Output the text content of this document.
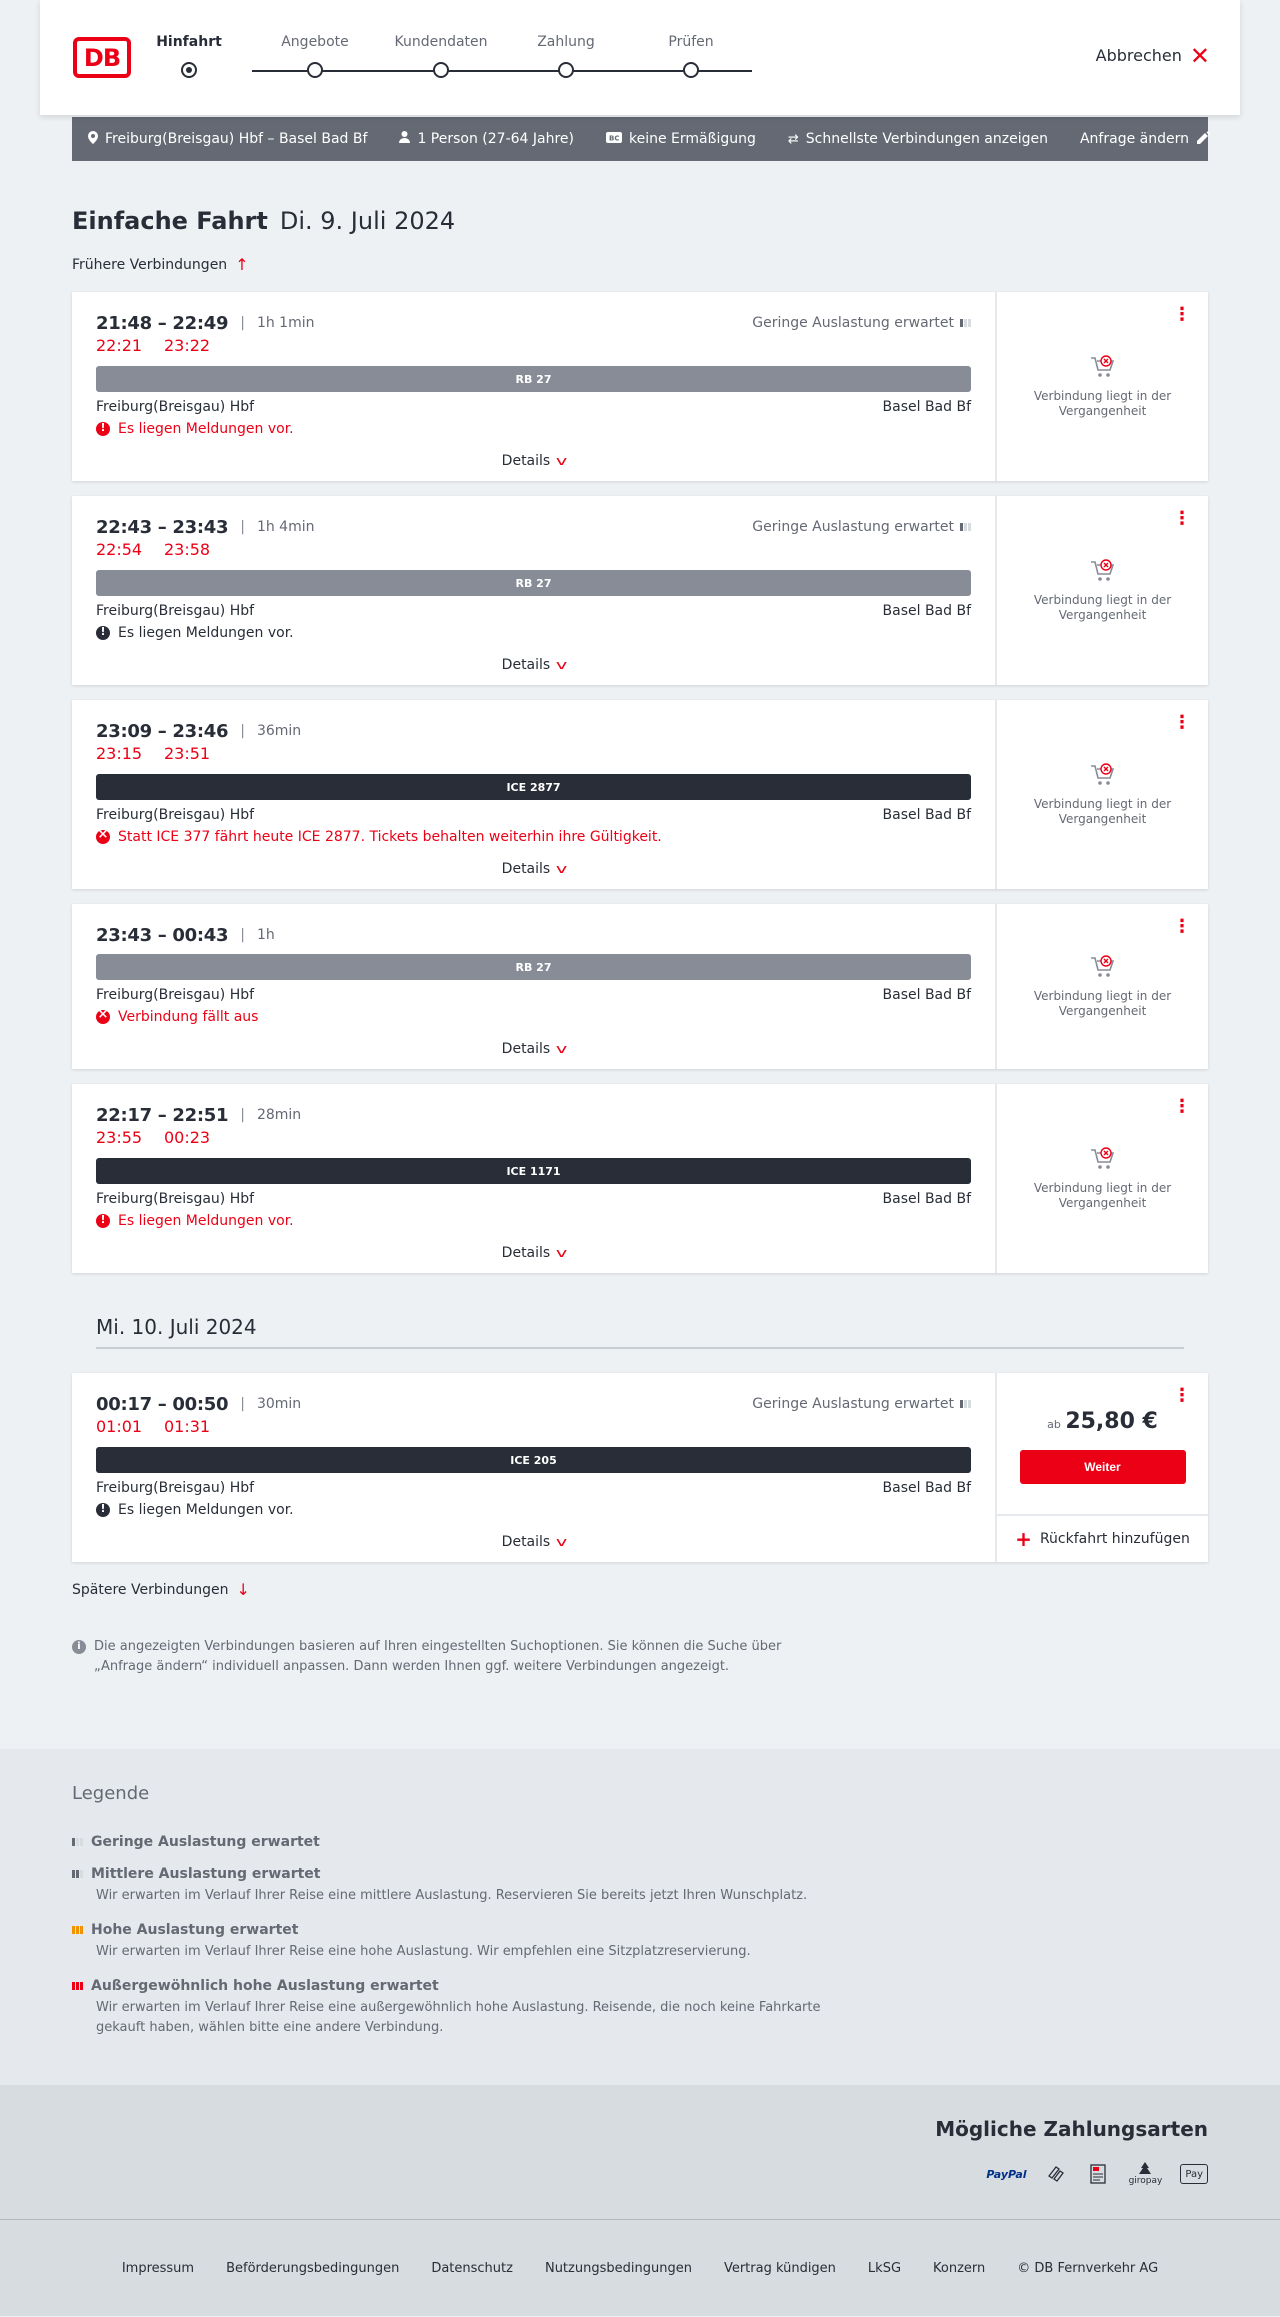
DB
Hinfahrt	Angebote	Kundendaten	Zahlung	Prüfen
Abbrechen ✕
Freiburg(Breisgau) Hbf – Basel Bad Bf	1 Person (27-64 Jahre)	BC keine Ermäßigung ⇄ Schnellste Verbindungen anzeigen Anfrage ändern
Einfache Fahrt Di. 9. Juli 2024
Frühere Verbindungen ↑
21:48 – 22:49 | 1h 1min	Geringe Auslastung erwartet
22:21 23:22
RB 27
Freiburg(Breisgau) Hbf	Basel Bad Bf
!
Es liegen Meldungen vor.
Details v
⋮
Verbindung liegt in der Vergangenheit
22:43 – 23:43 | 1h 4min	Geringe Auslastung erwartet
22:54 23:58
RB 27
Freiburg(Breisgau) Hbf	Basel Bad Bf
!
Es liegen Meldungen vor.
Details v
⋮
Verbindung liegt in der Vergangenheit
23:09 – 23:46 | 36min
23:15 23:51
ICE 2877
Freiburg(Breisgau) Hbf	Basel Bad Bf
×
Statt ICE 377 fährt heute ICE 2877. Tickets behalten weiterhin ihre Gültigkeit.
Details v
⋮
Verbindung liegt in der Vergangenheit
23:43 – 00:43 | 1h
RB 27
Freiburg(Breisgau) Hbf	Basel Bad Bf
×
Verbindung fällt aus
Details v
⋮
Verbindung liegt in der Vergangenheit
22:17 – 22:51 | 28min
23:55 00:23
ICE 1171
Freiburg(Breisgau) Hbf	Basel Bad Bf
!
Es liegen Meldungen vor.
Details v
⋮
Verbindung liegt in der Vergangenheit
Mi. 10. Juli 2024
00:17 – 00:50 | 30min	Geringe Auslastung erwartet
01:01 01:31
ICE 205
Freiburg(Breisgau) Hbf	Basel Bad Bf
!
Es liegen Meldungen vor.
Details v
⋮
ab 25,80 €
Weiter
+ Rückfahrt hinzufügen
Spätere Verbindungen ↓
i	Die angezeigten Verbindungen basieren auf Ihren eingestellten Suchoptionen. Sie können die Suche über „Anfrage ändern“ individuell anpassen. Dann werden Ihnen ggf. weitere Verbindungen angezeigt.
Legende
Geringe Auslastung erwartet
Mittlere Auslastung erwartet
Wir erwarten im Verlauf Ihrer Reise eine mittlere Auslastung. Reservieren Sie bereits jetzt Ihren Wunschplatz.
Hohe Auslastung erwartet
Wir erwarten im Verlauf Ihrer Reise eine hohe Auslastung. Wir empfehlen eine Sitzplatzreservierung.
Außergewöhnlich hohe Auslastung erwartet
Wir erwarten im Verlauf Ihrer Reise eine außergewöhnlich hohe Auslastung. Reisende, die noch keine Fahrkarte gekauft haben, wählen bitte eine andere Verbindung.
Mögliche Zahlungsarten
PayPal
giropay
Pay
Impressum Beförderungsbedingungen Datenschutz Nutzungsbedingungen Vertrag kündigen LkSG Konzern © DB Fernverkehr AG
